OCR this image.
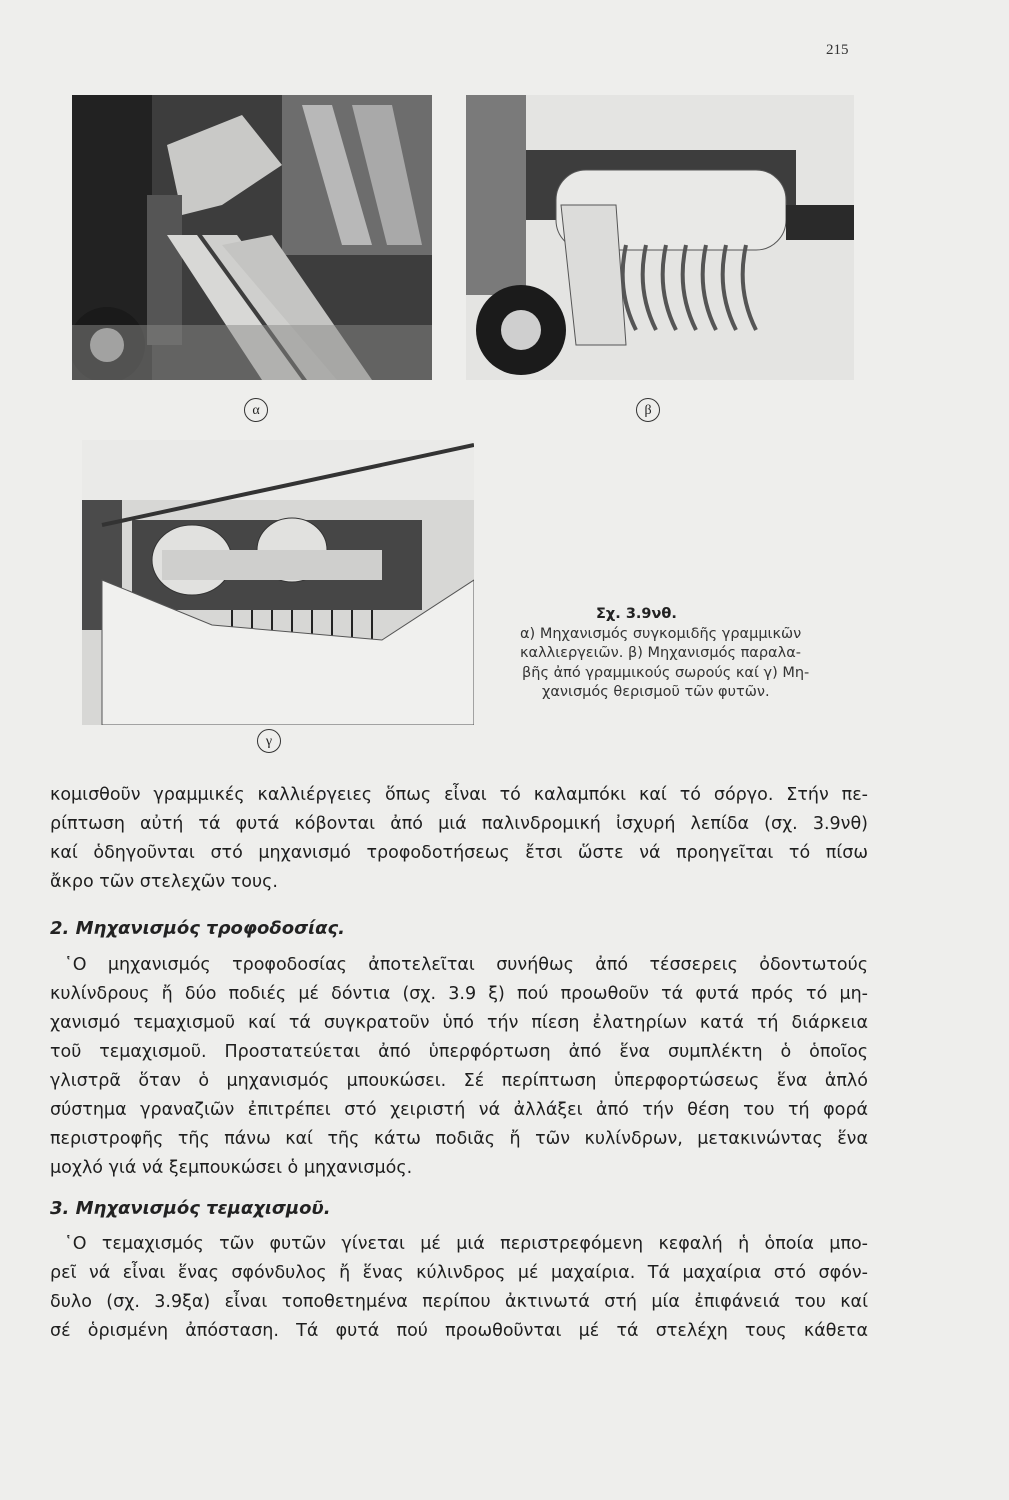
215
α	β
γ
Σχ. 3.9νθ.
α) Μηχανισμός συγκομιδῆς γραμμικῶν
καλλιεργειῶν. β) Μηχανισμός παραλα-
βῆς ἀπό γραμμικούς σωρούς καί γ) Μη-
χανισμός θερισμοῦ τῶν φυτῶν.
κομισθοῦν γραμμικές καλλιέργειες ὅπως εἶναι τό καλαμπόκι καί τό σόργο. Στήν πε-
ρίπτωση αὐτή τά φυτά κόβονται ἀπό μιά παλινδρομική ἰσχυρή λεπίδα (σχ. 3.9νθ)
καί ὁδηγοῦνται στό μηχανισμό τροφοδοτήσεως ἔτσι ὥστε νά προηγεῖται τό πίσω
ἄκρο τῶν στελεχῶν τους.
2. Μηχανισμός τροφοδοσίας.
῾Ο μηχανισμός τροφοδοσίας ἀποτελεῖται συνήθως ἀπό τέσσερεις ὀδοντωτούς
κυλίνδρους ἤ δύο ποδιές μέ δόντια (σχ. 3.9 ξ) πού προωθοῦν τά φυτά πρός τό μη-
χανισμό τεμαχισμοῦ καί τά συγκρατοῦν ὑπό τήν πίεση ἐλατηρίων κατά τή διάρκεια
τοῦ τεμαχισμοῦ. Προστατεύεται ἀπό ὑπερφόρτωση ἀπό ἕνα συμπλέκτη ὁ ὁποῖος
γλιστρᾶ ὅταν ὁ μηχανισμός μπουκώσει. Σέ περίπτωση ὑπερφορτώσεως ἕνα ἁπλό
σύστημα γραναζιῶν ἐπιτρέπει στό χειριστή νά ἀλλάξει ἀπό τήν θέση του τή φορά
περιστροφῆς τῆς πάνω καί τῆς κάτω ποδιᾶς ἤ τῶν κυλίνδρων, μετακινώντας ἕνα
μοχλό γιά νά ξεμπουκώσει ὁ μηχανισμός.
3. Μηχανισμός τεμαχισμοῦ.
῾Ο τεμαχισμός τῶν φυτῶν γίνεται μέ μιά περιστρεφόμενη κεφαλή ἡ ὁποία μπο-
ρεῖ νά εἶναι ἕνας σφόνδυλος ἤ ἕνας κύλινδρος μέ μαχαίρια. Τά μαχαίρια στό σφόν-
δυλο (σχ. 3.9ξα) εἶναι τοποθετημένα περίπου ἀκτινωτά στή μία ἐπιφάνειά του καί
σέ ὁρισμένη ἀπόσταση. Τά φυτά πού προωθοῦνται μέ τά στελέχη τους κάθετα
